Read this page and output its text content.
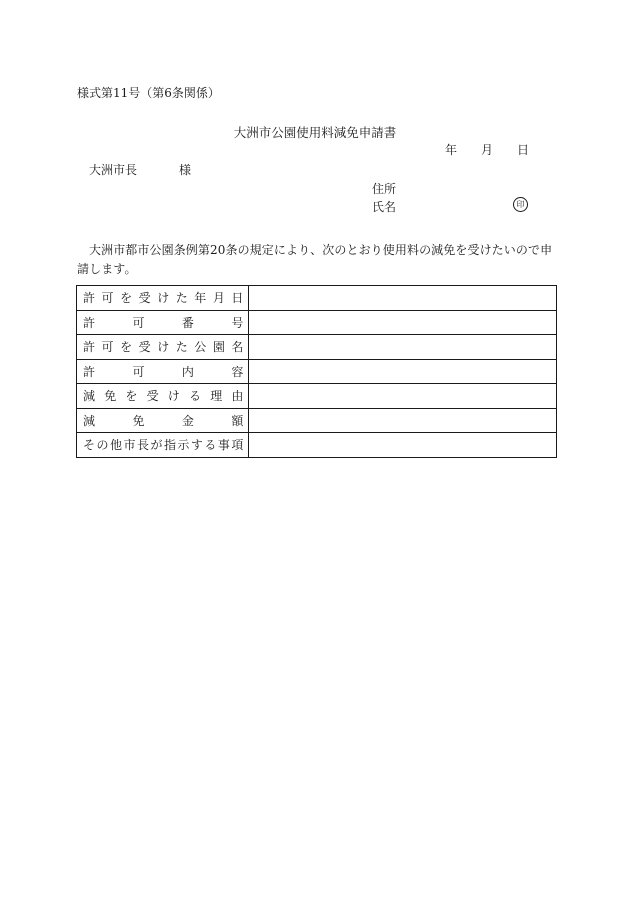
様式第11号（第6条関係）
大洲市公園使用料減免申請書
年 月 日
大洲市長	様
住所
氏名	印
大洲市都市公園条例第20条の規定により、次のとおり使用料の減免を受けたいので申請します。
許可を受けた年月日	

許可番号	

許可を受けた公園名	

許可内容	

減免を受ける理由	

減免金額	

その他市長が指示する事項	
